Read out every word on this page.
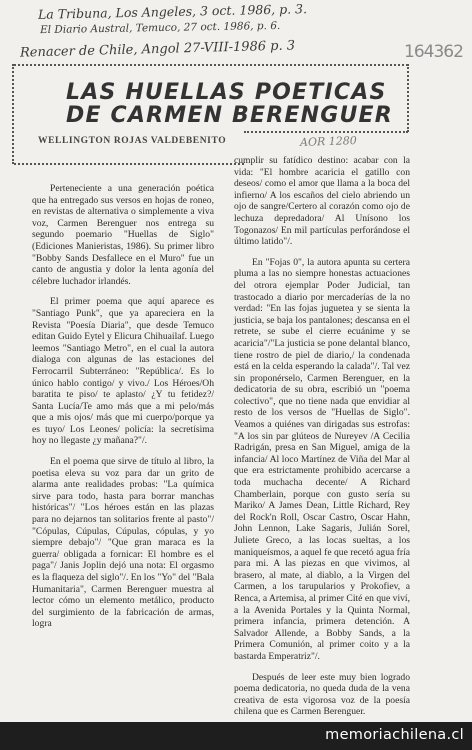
La Tribuna, Los Angeles, 3 oct. 1986, p. 3.
El Diario Austral, Temuco, 27 oct. 1986, p. 6.
Renacer de Chile, Angol 27-VIII-1986 p. 3	164362
AOR 1280
LAS HUELLAS POETICAS
DE CARMEN BERENGUER
WELLINGTON ROJAS VALDEBENITO

Perteneciente a una generación poética que ha entregado sus versos en hojas de roneo, en revistas de alternativa o simplemente a viva voz, Carmen Berenguer nos entrega su segundo poemario "Huellas de Siglo" (Ediciones Manieristas, 1986). Su primer libro "Bobby Sands Desfallece en el Muro" fue un canto de angustia y dolor la lenta agonía del célebre luchador irlandés.

El primer poema que aquí aparece es "Santiago Punk", que ya apareciera en la Revista "Poesía Diaria", que desde Temuco editan Guido Eytel y Elicura Chihuailaf. Luego leemos "Santiago Metro", en el cual la autora dialoga con algunas de las estaciones del Ferrocarril Subterráneo: "República/. Es lo único hablo contigo/ y vivo./ Los Héroes/Oh baratita te piso/ te aplasto/ ¿Y tu fetidez?/ Santa Lucía/Te amo más que a mi pelo/más que a mis ojos/ más que mi cuerpo/porque ya es tuyo/ Los Leones/ policía: la secretísima hoy no llegaste ¿y mañana?"/.

En el poema que sirve de título al libro, la poetisa eleva su voz para dar un grito de alarma ante realidades probas: "La química sirve para todo, hasta para borrar manchas históricas"/ "Los héroes están en las plazas para no dejarnos tan solitarios frente al pasto"/ "Cópulas, Cúpulas, Cúpulas, cópulas, y yo siempre debajo"/ "Que gran maraca es la guerra/ obligada a fornicar: El hombre es el paga"/ Janis Joplin dejó una nota: El orgasmo es la flaqueza del siglo"/. En los "Yo" del "Bala Humanitaria", Carmen Berenguer muestra al lector cómo un elemento metálico, producto del surgimiento de la fabricación de armas, logra

cumplir su fatídico destino: acabar con la vida: "El hombre acaricia el gatillo con deseos/ como el amor que llama a la boca del infierno/ A los escaños del cielo abriendo un ojo de sangre/Certero al corazón como ojo de lechuza depredadora/ Al Unísono los Togonazos/ En mil partículas perforándose el último latido"/.

En "Fojas 0", la autora apunta su certera pluma a las no siempre honestas actuaciones del otrora ejemplar Poder Judicial, tan trastocado a diario por mercaderías de la no verdad: "En las fojas juguetea y se sienta la justicia, se baja los pantalones; descansa en el retrete, se sube el cierre ecuánime y se acaricia"/"La justicia se pone delantal blanco, tiene rostro de piel de diario,/ la condenada está en la celda esperando la calada"/. Tal vez sin proponérselo, Carmen Berenguer, en la dedicatoria de su obra, escribió un "poema colectivo", que no tiene nada que envidiar al resto de los versos de "Huellas de Siglo". Veamos a quiénes van dirigadas sus estrofas: "A los sin par glúteos de Nureyev /A Cecilia Radrigán, presa en San Miguel, amiga de la infancia/ Al loco Martínez de Viña del Mar al que era estrictamente prohibido acercarse a toda muchacha decente/ A Richard Chamberlain, porque con gusto sería su Mariko/ A James Dean, Little Richard, Rey del Rock'n Roll, Oscar Castro, Oscar Hahn, John Lennon, Lake Sagaris, Julián Sorel, Juliete Greco, a las locas sueltas, a los maniqueísmos, a aquel fe que recetó agua fría para mi. A las piezas en que vivimos, al brasero, al mate, al diablo, a la Virgen del Carmen, a los tarupularios y Prokofiev, a Renca, a Artemisa, al primer Cité en que viví, a la Avenida Portales y la Quinta Normal, primera infancia, primera detención. A Salvador Allende, a Bobby Sands, a la Primera Comunión, al primer coito y a la bastarda Emperatriz"/.

Después de leer este muy bien logrado poema dedicatoria, no queda duda de la vena creativa de esta vigorosa voz de la poesía chilena que es Carmen Berenguer.

memoriachilena.cl
